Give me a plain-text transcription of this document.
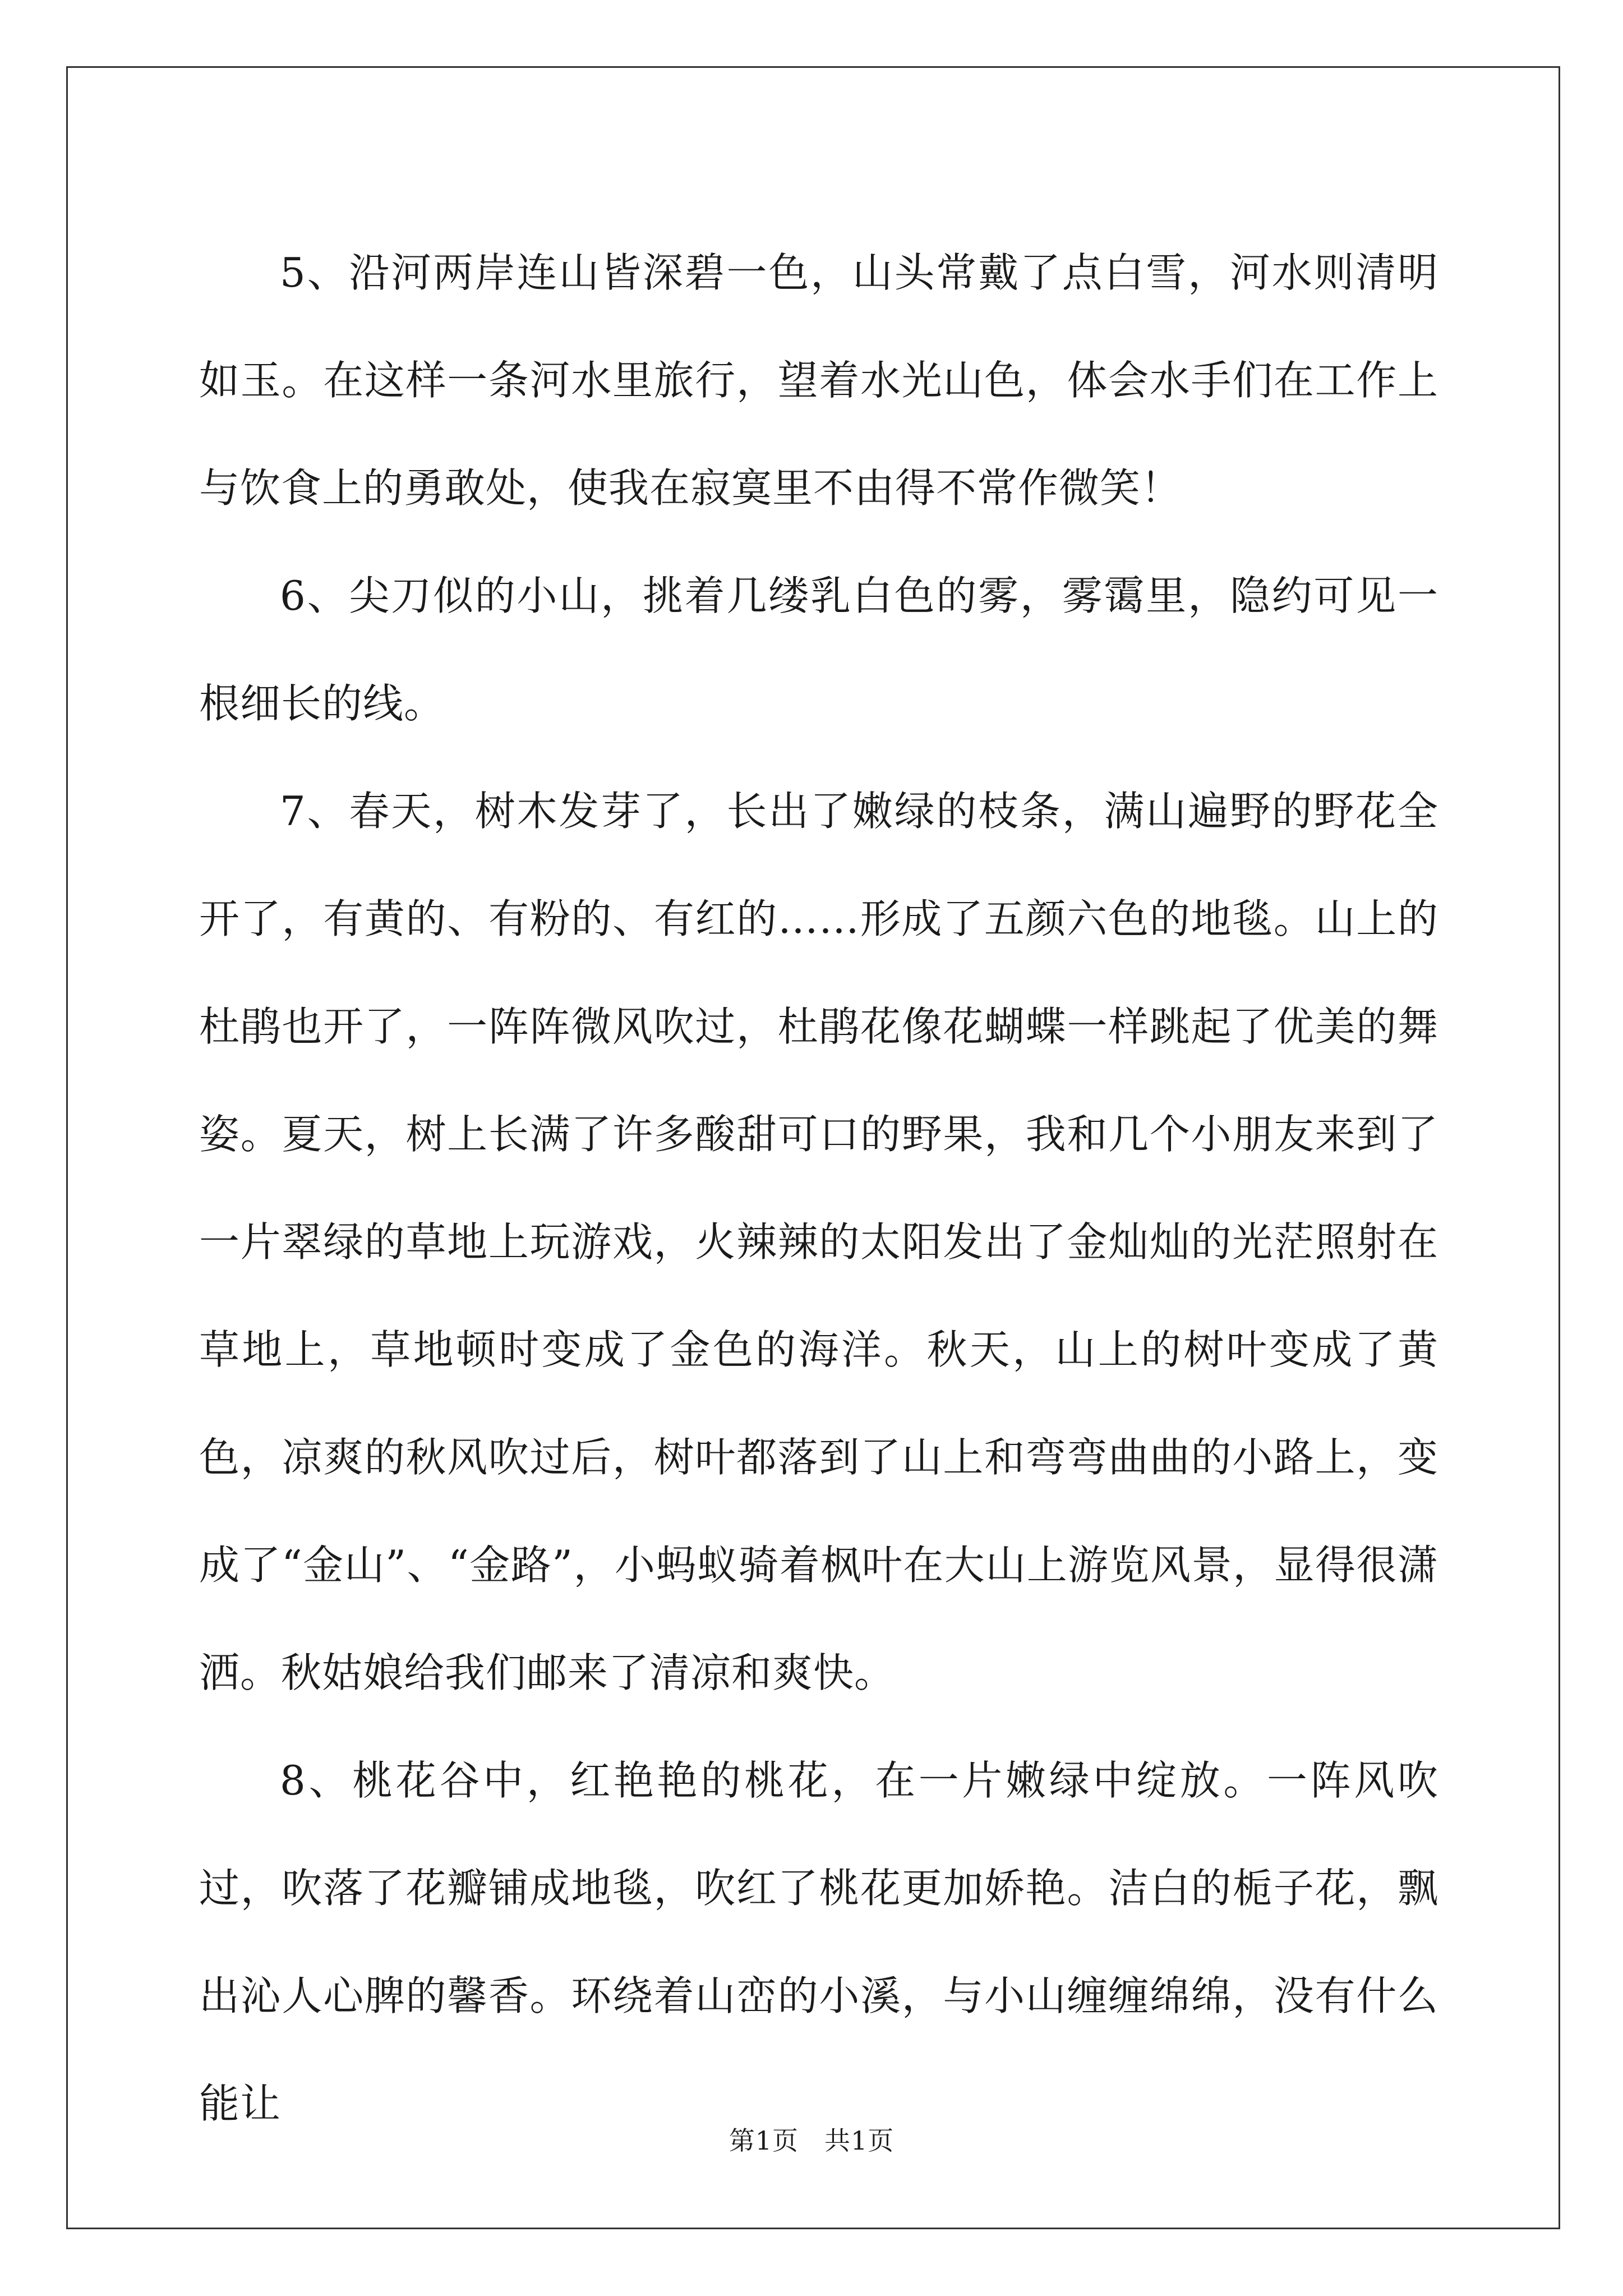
5、沿河两岸连山皆深碧一色，山头常戴了点白雪，河水则清明如玉。在这样一条河水里旅行，望着水光山色，体会水手们在工作上与饮食上的勇敢处，使我在寂寞里不由得不常作微笑！

6、尖刀似的小山，挑着几缕乳白色的雾，雾霭里，隐约可见一根细长的线。

7、春天，树木发芽了，长出了嫩绿的枝条，满山遍野的野花全开了，有黄的、有粉的、有红的……形成了五颜六色的地毯。山上的杜鹃也开了，一阵阵微风吹过，杜鹃花像花蝴蝶一样跳起了优美的舞姿。夏天，树上长满了许多酸甜可口的野果，我和几个小朋友来到了一片翠绿的草地上玩游戏，火辣辣的太阳发出了金灿灿的光茫照射在草地上，草地顿时变成了金色的海洋。秋天，山上的树叶变成了黄色，凉爽的秋风吹过后，树叶都落到了山上和弯弯曲曲的小路上，变成了“金山”、“金路”，小蚂蚁骑着枫叶在大山上游览风景，显得很潇洒。秋姑娘给我们邮来了清凉和爽快。

8、桃花谷中，红艳艳的桃花，在一片嫩绿中绽放。一阵风吹过，吹落了花瓣铺成地毯，吹红了桃花更加娇艳。洁白的栀子花，飘出沁人心脾的馨香。环绕着山峦的小溪，与小山缠缠绵绵，没有什么能让

第1页 共1页
